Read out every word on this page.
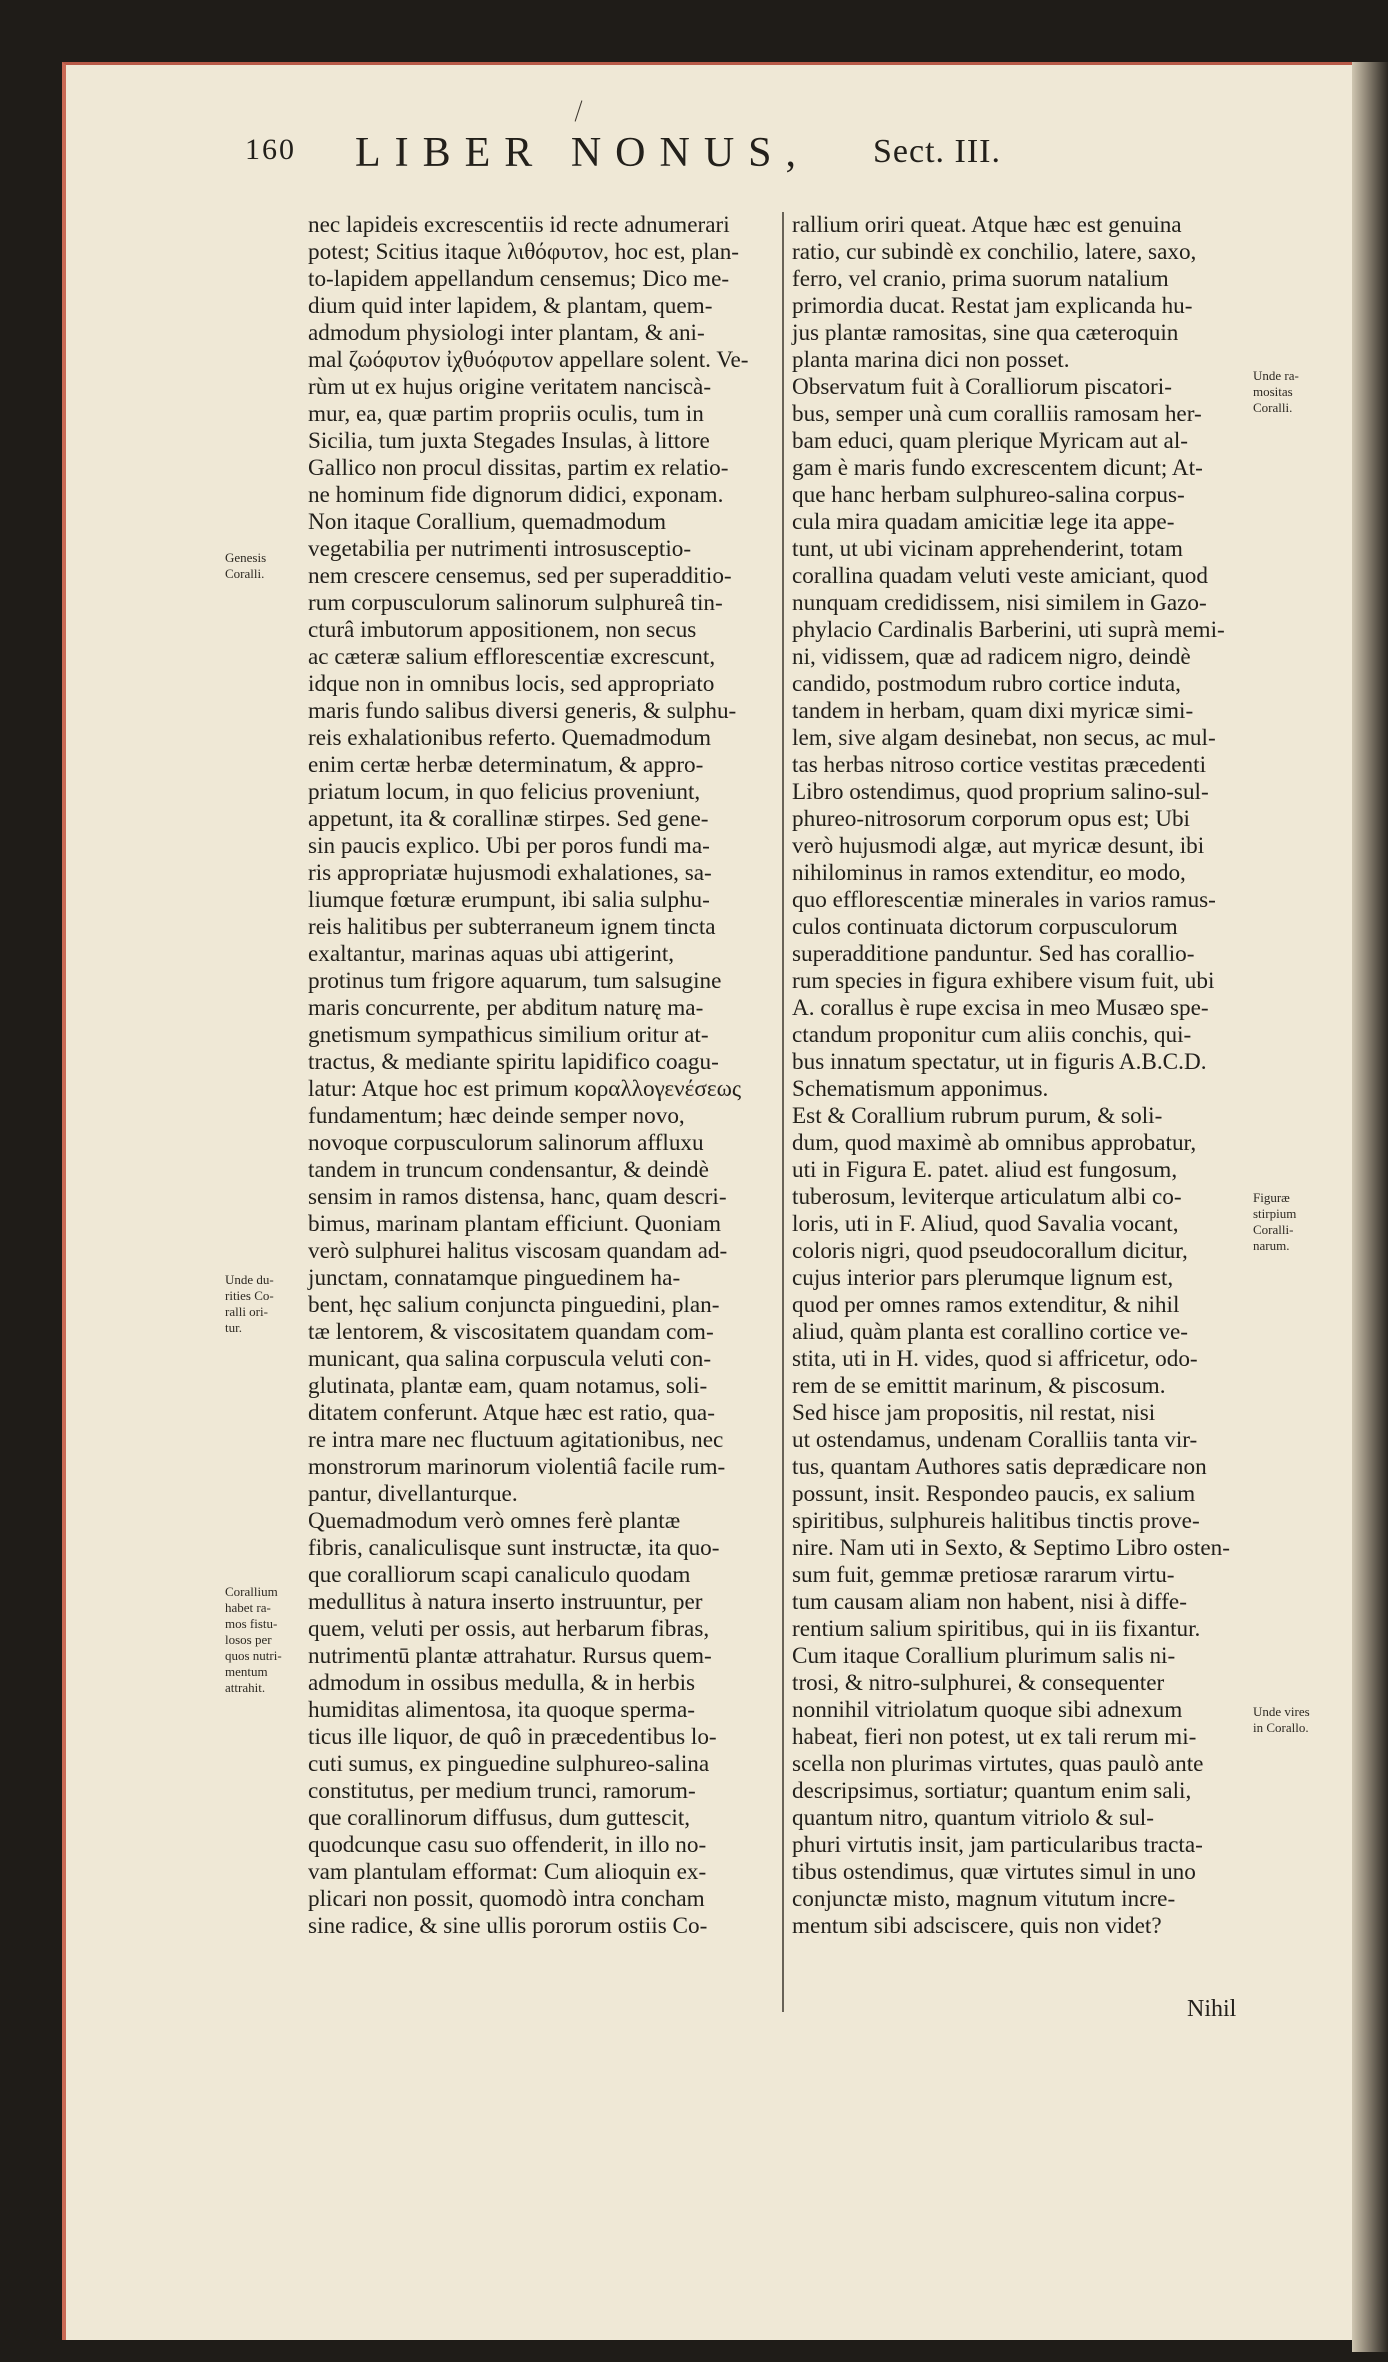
160 LIBER NONUS, Sect. III.
Genesis
Coralli.
Unde du-
rities Co-
ralli ori-
tur.
Corallium
habet ra-
mos fistu-
losos per
quos nutri-
mentum
attrahit.
Unde ra-
mositas
Coralli.
Figuræ
stirpium
Coralli-
narum.
Unde vires
in Corallo.
nec lapideis excrescentiis id recte adnumerari
potest; Scitius itaque λιθόφυτον, hoc est, plan-
to-lapidem appellandum censemus; Dico me-
dium quid inter lapidem, & plantam, quem-
admodum physiologi inter plantam, & ani-
mal ζωόφυτον ἰχθυόφυτον appellare solent. Ve-
rùm ut ex hujus origine veritatem nanciscà-
mur, ea, quæ partim propriis oculis, tum in
Sicilia, tum juxta Stegades Insulas, à littore
Gallico non procul dissitas, partim ex relatio-
ne hominum fide dignorum didici, exponam.
Non itaque Corallium, quemadmodum
vegetabilia per nutrimenti introsusceptio-
nem crescere censemus, sed per superadditio-
rum corpusculorum salinorum sulphureâ tin-
cturâ imbutorum appositionem, non secus
ac cæteræ salium efflorescentiæ excrescunt,
idque non in omnibus locis, sed appropriato
maris fundo salibus diversi generis, & sulphu-
reis exhalationibus referto. Quemadmodum
enim certæ herbæ determinatum, & appro-
priatum locum, in quo felicius proveniunt,
appetunt, ita & corallinæ stirpes. Sed gene-
sin paucis explico. Ubi per poros fundi ma-
ris appropriatæ hujusmodi exhalationes, sa-
liumque fœturæ erumpunt, ibi salia sulphu-
reis halitibus per subterraneum ignem tincta
exaltantur, marinas aquas ubi attigerint,
protinus tum frigore aquarum, tum salsugine
maris concurrente, per abditum naturę ma-
gnetismum sympathicus similium oritur at-
tractus, & mediante spiritu lapidifico coagu-
latur: Atque hoc est primum κοραλλογενέσεως
fundamentum; hæc deinde semper novo,
novoque corpusculorum salinorum affluxu
tandem in truncum condensantur, & deindè
sensim in ramos distensa, hanc, quam descri-
bimus, marinam plantam efficiunt. Quoniam
verò sulphurei halitus viscosam quandam ad-
junctam, connatamque pinguedinem ha-
bent, hęc salium conjuncta pinguedini, plan-
tæ lentorem, & viscositatem quandam com-
municant, qua salina corpuscula veluti con-
glutinata, plantæ eam, quam notamus, soli-
ditatem conferunt. Atque hæc est ratio, qua-
re intra mare nec fluctuum agitationibus, nec
monstrorum marinorum violentiâ facile rum-
pantur, divellanturque.
Quemadmodum verò omnes ferè plantæ
fibris, canaliculisque sunt instructæ, ita quo-
que coralliorum scapi canaliculo quodam
medullitus à natura inserto instruuntur, per
quem, veluti per ossis, aut herbarum fibras,
nutrimentū plantæ attrahatur. Rursus quem-
admodum in ossibus medulla, & in herbis
humiditas alimentosa, ita quoque sperma-
ticus ille liquor, de quô in præcedentibus lo-
cuti sumus, ex pinguedine sulphureo-salina
constitutus, per medium trunci, ramorum-
que corallinorum diffusus, dum guttescit,
quodcunque casu suo offenderit, in illo no-
vam plantulam efformat: Cum alioquin ex-
plicari non possit, quomodò intra concham
sine radice, & sine ullis pororum ostiis Co-
rallium oriri queat. Atque hæc est genuina
ratio, cur subindè ex conchilio, latere, saxo,
ferro, vel cranio, prima suorum natalium
primordia ducat. Restat jam explicanda hu-
jus plantæ ramositas, sine qua cæteroquin
planta marina dici non posset.
Observatum fuit à Coralliorum piscatori-
bus, semper unà cum coralliis ramosam her-
bam educi, quam plerique Myricam aut al-
gam è maris fundo excrescentem dicunt; At-
que hanc herbam sulphureo-salina corpus-
cula mira quadam amicitiæ lege ita appe-
tunt, ut ubi vicinam apprehenderint, totam
corallina quadam veluti veste amiciant, quod
nunquam credidissem, nisi similem in Gazo-
phylacio Cardinalis Barberini, uti suprà memi-
ni, vidissem, quæ ad radicem nigro, deindè
candido, postmodum rubro cortice induta,
tandem in herbam, quam dixi myricæ simi-
lem, sive algam desinebat, non secus, ac mul-
tas herbas nitroso cortice vestitas præcedenti
Libro ostendimus, quod proprium salino-sul-
phureo-nitrosorum corporum opus est; Ubi
verò hujusmodi algæ, aut myricæ desunt, ibi
nihilominus in ramos extenditur, eo modo,
quo efflorescentiæ minerales in varios ramus-
culos continuata dictorum corpusculorum
superadditione panduntur. Sed has corallio-
rum species in figura exhibere visum fuit, ubi
A. corallus è rupe excisa in meo Musæo spe-
ctandum proponitur cum aliis conchis, qui-
bus innatum spectatur, ut in figuris A.B.C.D.
Schematismum apponimus.
Est & Corallium rubrum purum, & soli-
dum, quod maximè ab omnibus approbatur,
uti in Figura E. patet. aliud est fungosum,
tuberosum, leviterque articulatum albi co-
loris, uti in F. Aliud, quod Savalia vocant,
coloris nigri, quod pseudocorallum dicitur,
cujus interior pars plerumque lignum est,
quod per omnes ramos extenditur, & nihil
aliud, quàm planta est corallino cortice ve-
stita, uti in H. vides, quod si affricetur, odo-
rem de se emittit marinum, & piscosum.
Sed hisce jam propositis, nil restat, nisi
ut ostendamus, undenam Coralliis tanta vir-
tus, quantam Authores satis deprædicare non
possunt, insit. Respondeo paucis, ex salium
spiritibus, sulphureis halitibus tinctis prove-
nire. Nam uti in Sexto, & Septimo Libro osten-
sum fuit, gemmæ pretiosæ rararum virtu-
tum causam aliam non habent, nisi à diffe-
rentium salium spiritibus, qui in iis fixantur.
Cum itaque Corallium plurimum salis ni-
trosi, & nitro-sulphurei, & consequenter
nonnihil vitriolatum quoque sibi adnexum
habeat, fieri non potest, ut ex tali rerum mi-
scella non plurimas virtutes, quas paulò ante
descripsimus, sortiatur; quantum enim sali,
quantum nitro, quantum vitriolo & sul-
phuri virtutis insit, jam particularibus tracta-
tibus ostendimus, quæ virtutes simul in uno
conjunctæ misto, magnum vitutum incre-
mentum sibi adsciscere, quis non videt?
Nihil
